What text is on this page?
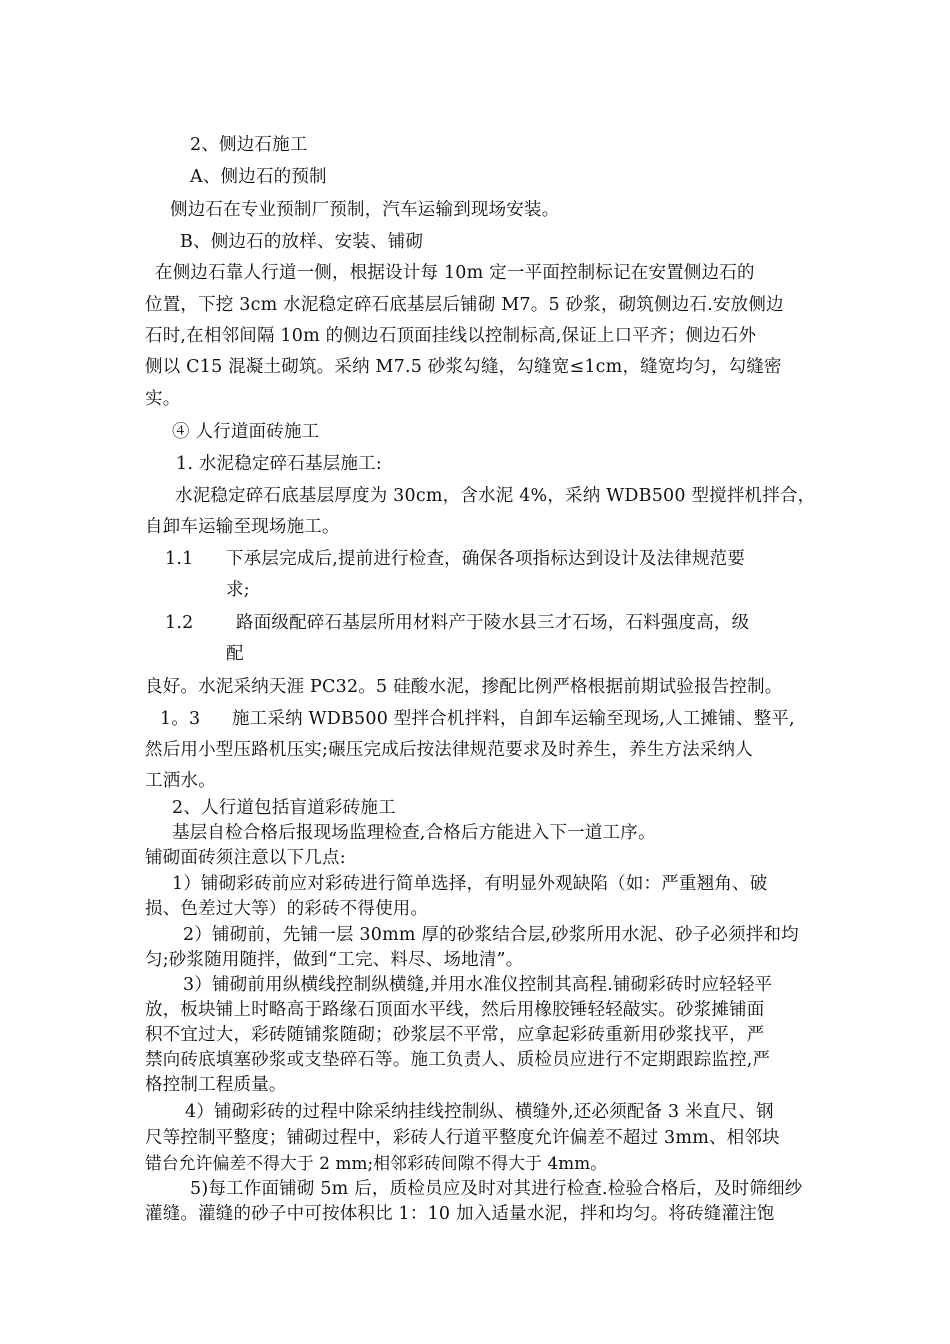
2、侧边石施工
A、侧边石的预制
侧边石在专业预制厂预制，汽车运输到现场安装。
B、侧边石的放样、安装、铺砌
在侧边石靠人行道一侧，根据设计每 10m 定一平面控制标记在安置侧边石的
位置，下挖 3cm 水泥稳定碎石底基层后铺砌 M7。5 砂浆，砌筑侧边石.安放侧边
石时,在相邻间隔 10m 的侧边石顶面挂线以控制标高,保证上口平齐；侧边石外
侧以 C15 混凝土砌筑。采纳 M7.5 砂浆勾缝，勾缝宽≤1cm，缝宽均匀，勾缝密
实。
④ 人行道面砖施工
1. 水泥稳定碎石基层施工:
水泥稳定碎石底基层厚度为 30cm，含水泥 4%，采纳 WDB500 型搅拌机拌合，
自卸车运输至现场施工。
1.1 下承层完成后,提前进行检查，确保各项指标达到设计及法律规范要
求;
1.2 路面级配碎石基层所用材料产于陵水县三才石场，石料强度高，级
配
良好。水泥采纳天涯 PC32。5 硅酸水泥，掺配比例严格根据前期试验报告控制。
1。3 施工采纳 WDB500 型拌合机拌料，自卸车运输至现场,人工摊铺、整平,
然后用小型压路机压实;碾压完成后按法律规范要求及时养生，养生方法采纳人
工洒水。
2、人行道包括盲道彩砖施工
基层自检合格后报现场监理检查,合格后方能进入下一道工序。
铺砌面砖须注意以下几点:
1）铺砌彩砖前应对彩砖进行简单选择，有明显外观缺陷（如：严重翘角、破
损、色差过大等）的彩砖不得使用。
2）铺砌前，先铺一层 30mm 厚的砂浆结合层,砂浆所用水泥、砂子必须拌和均
匀;砂浆随用随拌，做到“工完、料尽、场地清”。
3）铺砌前用纵横线控制纵横缝,并用水准仪控制其高程.铺砌彩砖时应轻轻平
放，板块铺上时略高于路缘石顶面水平线，然后用橡胶锤轻轻敲实。砂浆摊铺面
积不宜过大，彩砖随铺浆随砌；砂浆层不平常，应拿起彩砖重新用砂浆找平，严
禁向砖底填塞砂浆或支垫碎石等。施工负责人、质检员应进行不定期跟踪监控,严
格控制工程质量。
4）铺砌彩砖的过程中除采纳挂线控制纵、横缝外,还必须配备 3 米直尺、钢
尺等控制平整度；铺砌过程中，彩砖人行道平整度允许偏差不超过 3mm、相邻块
错台允许偏差不得大于 2 mm;相邻彩砖间隙不得大于 4mm。
5)每工作面铺砌 5m 后，质检员应及时对其进行检查.检验合格后，及时筛细纱
灌缝。灌缝的砂子中可按体积比 1：10 加入适量水泥，拌和均匀。将砖缝灌注饱
